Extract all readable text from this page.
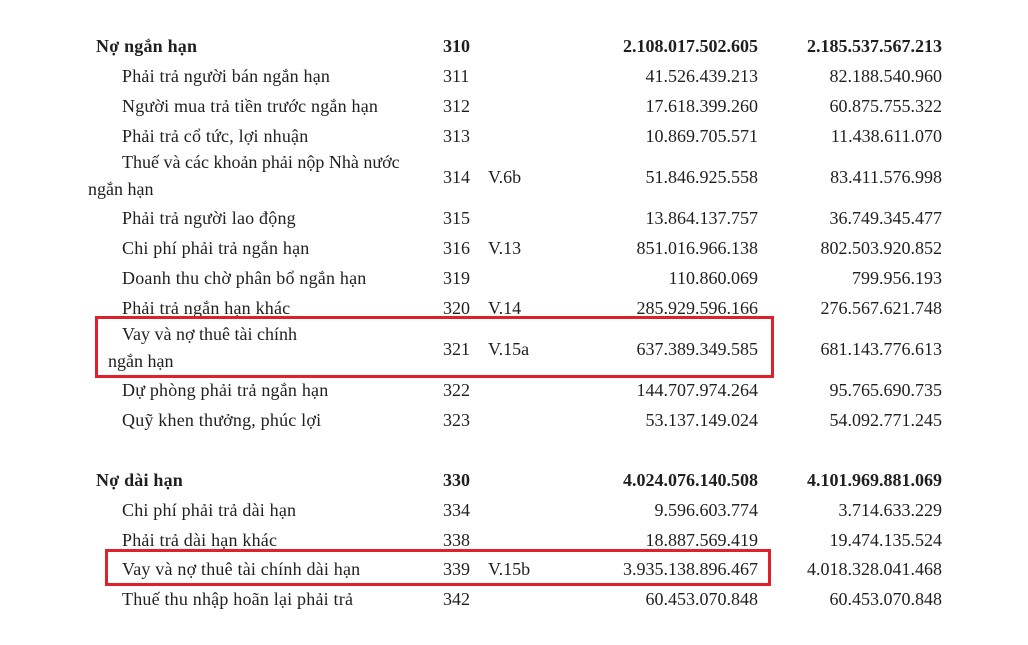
Nợ ngắn hạn	310	2.108.017.502.605	2.185.537.567.213
Phải trả người bán ngắn hạn	311	41.526.439.213	82.188.540.960
Người mua trả tiền trước ngắn hạn	312	17.618.399.260	60.875.755.322
Phải trả cổ tức, lợi nhuận	313	10.869.705.571	11.438.611.070
Thuế và các khoản phải nộp Nhà nước
ngắn hạn
314 V.6b	51.846.925.558	83.411.576.998
Phải trả người lao động	315	13.864.137.757	36.749.345.477
Chi phí phải trả ngắn hạn	316 V.13	851.016.966.138	802.503.920.852
Doanh thu chờ phân bổ ngắn hạn	319	110.860.069	799.956.193
Phải trả ngắn hạn khác	320 V.14	285.929.596.166	276.567.621.748
Vay và nợ thuê tài chính
ngắn hạn
321 V.15a	637.389.349.585	681.143.776.613
Dự phòng phải trả ngắn hạn	322	144.707.974.264	95.765.690.735
Quỹ khen thưởng, phúc lợi	323	53.137.149.024	54.092.771.245
Nợ dài hạn	330	4.024.076.140.508	4.101.969.881.069
Chi phí phải trả dài hạn	334	9.596.603.774	3.714.633.229
Phải trả dài hạn khác	338	18.887.569.419	19.474.135.524
Vay và nợ thuê tài chính dài hạn	339 V.15b	3.935.138.896.467	4.018.328.041.468
Thuế thu nhập hoãn lại phải trả	342	60.453.070.848	60.453.070.848
